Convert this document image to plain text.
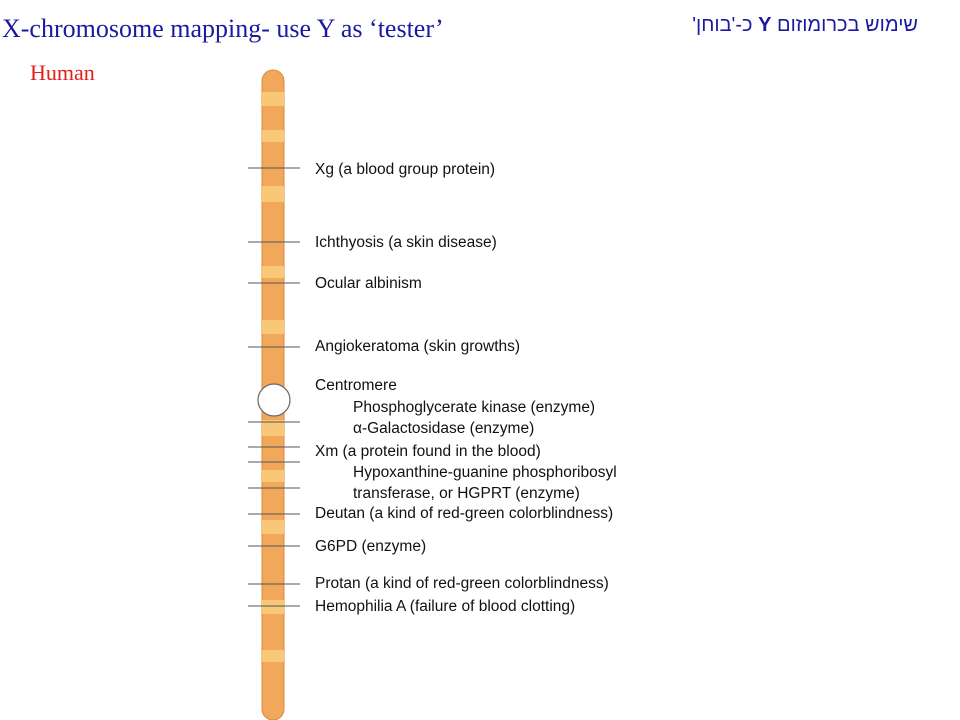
X-chromosome mapping- use Y as ‘tester’
Human
שימוש בכרומוזום Y כ-'בוחן'
Xg (a blood group protein)
Ichthyosis (a skin disease)
Ocular albinism
Angiokeratoma (skin growths)
Centromere
Phosphoglycerate kinase (enzyme)
α-Galactosidase (enzyme)
Xm (a protein found in the blood)
Hypoxanthine-guanine phosphoribosyl
transferase, or HGPRT (enzyme)
Deutan (a kind of red-green colorblindness)
G6PD (enzyme)
Protan (a kind of red-green colorblindness)
Hemophilia A (failure of blood clotting)
